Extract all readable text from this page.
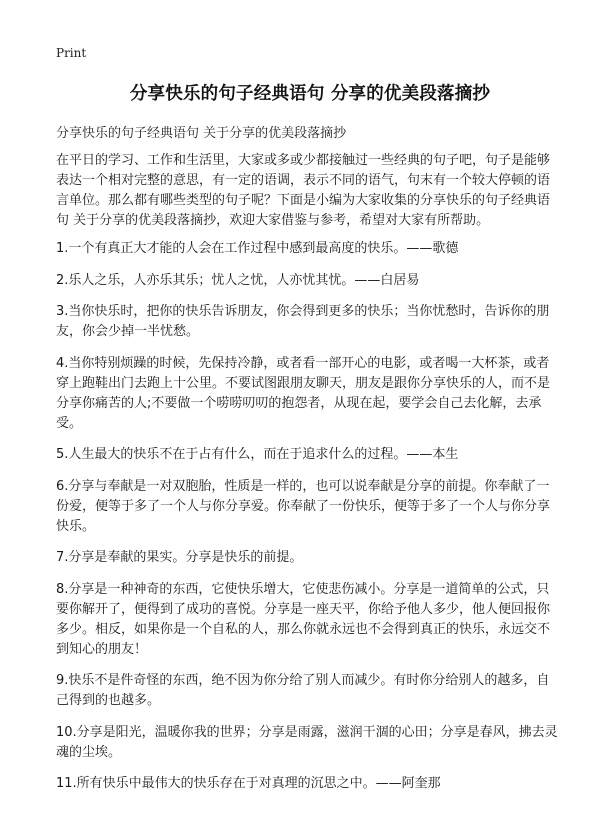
Print
分享快乐的句子经典语句 分享的优美段落摘抄
分享快乐的句子经典语句 关于分享的优美段落摘抄

在平日的学习、工作和生活里，大家或多或少都接触过一些经典的句子吧，句子是能够表达一个相对完整的意思，有一定的语调，表示不同的语气，句末有一个较大停顿的语言单位。那么都有哪些类型的句子呢？下面是小编为大家收集的分享快乐的句子经典语句 关于分享的优美段落摘抄，欢迎大家借鉴与参考，希望对大家有所帮助。

1.一个有真正大才能的人会在工作过程中感到最高度的快乐。——歌德

2.乐人之乐，人亦乐其乐；忧人之忧，人亦忧其忧。——白居易

3.当你快乐时，把你的快乐告诉朋友，你会得到更多的快乐；当你忧愁时，告诉你的朋友，你会少掉一半忧愁。

4.当你特别烦躁的时候，先保持冷静，或者看一部开心的电影，或者喝一大杯茶，或者穿上跑鞋出门去跑上十公里。不要试图跟朋友聊天，朋友是跟你分享快乐的人，而不是分享你痛苦的人;不要做一个唠唠叨叨的抱怨者，从现在起，要学会自己去化解，去承受。

5.人生最大的快乐不在于占有什么，而在于追求什么的过程。——本生

6.分享与奉献是一对双胞胎，性质是一样的，也可以说奉献是分享的前提。你奉献了一份爱，便等于多了一个人与你分享爱。你奉献了一份快乐，便等于多了一个人与你分享快乐。

7.分享是奉献的果实。分享是快乐的前提。

8.分享是一种神奇的东西，它使快乐增大，它使悲伤减小。分享是一道简单的公式，只要你解开了，便得到了成功的喜悦。分享是一座天平，你给予他人多少，他人便回报你多少。相反，如果你是一个自私的人，那么你就永远也不会得到真正的快乐，永远交不到知心的朋友！

9.快乐不是件奇怪的东西，绝不因为你分给了别人而减少。有时你分给别人的越多，自己得到的也越多。

10.分享是阳光，温暖你我的世界；分享是雨露，滋润干涸的心田；分享是春风，拂去灵魂的尘埃。

11.所有快乐中最伟大的快乐存在于对真理的沉思之中。——阿奎那
